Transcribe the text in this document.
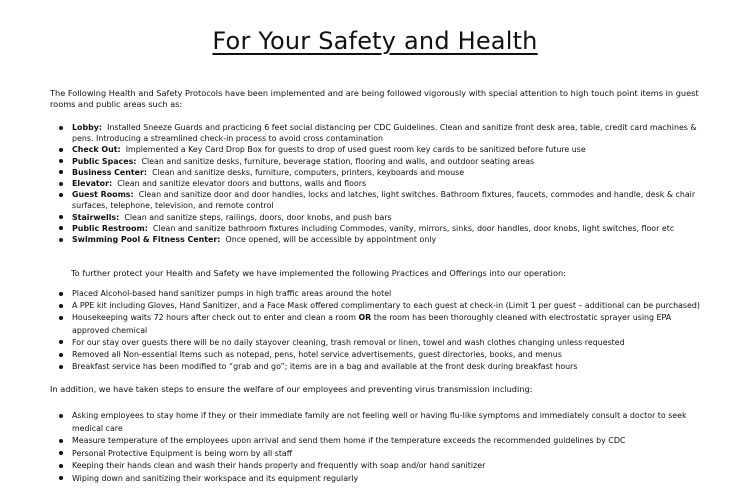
For Your Safety and Health

The Following Health and Safety Protocols have been implemented and are being followed vigorously with special attention to high touch point items in guest rooms and public areas such as:

Lobby: Installed Sneeze Guards and practicing 6 feet social distancing per CDC Guidelines. Clean and sanitize front desk area, table, credit card machines & pens. Introducing a streamlined check-in process to avoid cross contamination
Check Out: Implemented a Key Card Drop Box for guests to drop of used guest room key cards to be sanitized before future use
Public Spaces: Clean and sanitize desks, furniture, beverage station, flooring and walls, and outdoor seating areas
Business Center: Clean and sanitize desks, furniture, computers, printers, keyboards and mouse
Elevator: Clean and sanitize elevator doors and buttons, walls and floors
Guest Rooms: Clean and sanitize door and door handles, locks and latches, light switches. Bathroom fixtures, faucets, commodes and handle, desk & chair surfaces, telephone, television, and remote control
Stairwells: Clean and sanitize steps, railings, doors, door knobs, and push bars
Public Restroom: Clean and sanitize bathroom fixtures including Commodes, vanity, mirrors, sinks, door handles, door knobs, light switches, floor etc
Swimming Pool & Fitness Center: Once opened, will be accessible by appointment only

To further protect your Health and Safety we have implemented the following Practices and Offerings into our operation:

Placed Alcohol-based hand sanitizer pumps in high traffic areas around the hotel
A PPE kit including Gloves, Hand Sanitizer, and a Face Mask offered complimentary to each guest at check-in (Limit 1 per guest – additional can be purchased)
Housekeeping waits 72 hours after check out to enter and clean a room OR the room has been thoroughly cleaned with electrostatic sprayer using EPA approved chemical
For our stay over guests there will be no daily stayover cleaning, trash removal or linen, towel and wash clothes changing unless requested
Removed all Non-essential Items such as notepad, pens, hotel service advertisements, guest directories, books, and menus
Breakfast service has been modified to “grab and go”; items are in a bag and available at the front desk during breakfast hours

In addition, we have taken steps to ensure the welfare of our employees and preventing virus transmission including:

Asking employees to stay home if they or their immediate family are not feeling well or having flu-like symptoms and immediately consult a doctor to seek medical care
Measure temperature of the employees upon arrival and send them home if the temperature exceeds the recommended guidelines by CDC
Personal Protective Equipment is being worn by all staff
Keeping their hands clean and wash their hands properly and frequently with soap and/or hand sanitizer
Wiping down and sanitizing their workspace and its equipment regularly
